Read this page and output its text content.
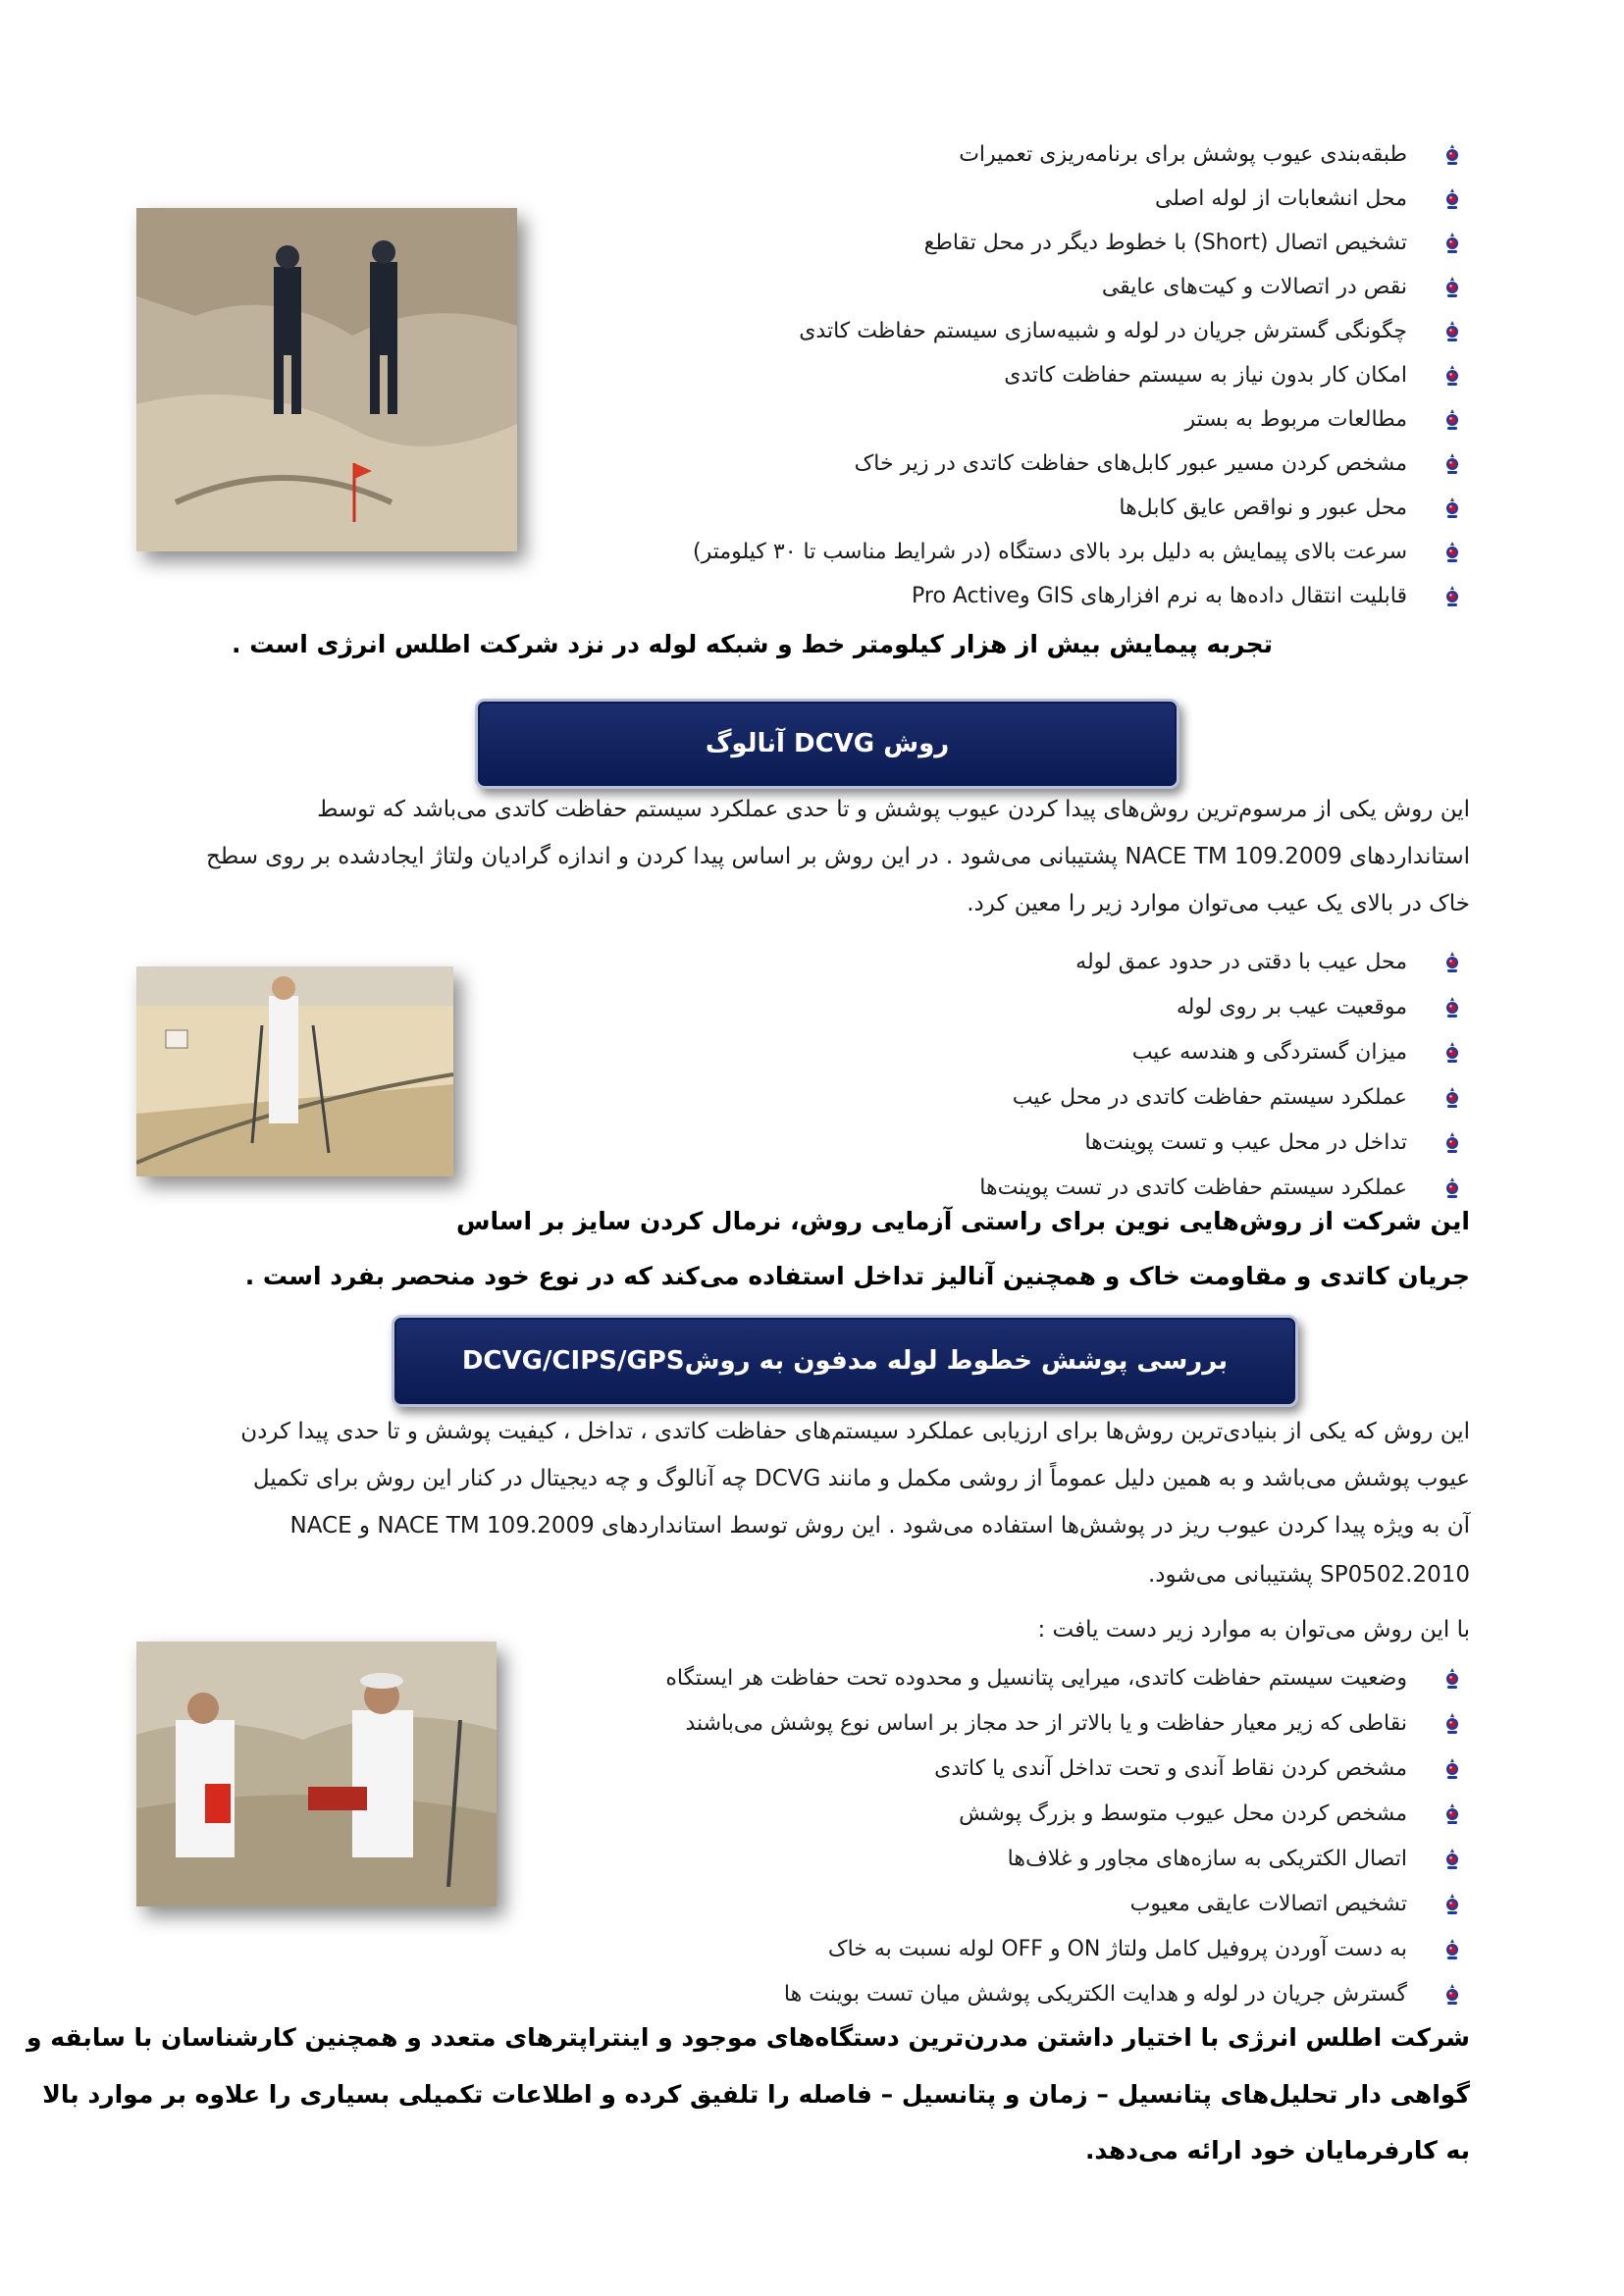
طبقه‌بندی عیوب پوشش برای برنامه‌ریزی تعمیرات
محل انشعابات از لوله اصلی
تشخیص اتصال (Short) با خطوط دیگر در محل تقاطع
نقص در اتصالات و کیت‌های عایقی
چگونگی گسترش جریان در لوله و شبیه‌سازی سیستم حفاظت کاتدی
امکان کار بدون نیاز به سیستم حفاظت کاتدی
مطالعات مربوط به بستر
مشخص کردن مسیر عبور کابل‌های حفاظت کاتدی در زیر خاک
محل عبور و نواقص عایق کابل‌ها
سرعت بالای پیمایش به دلیل برد بالای دستگاه (در شرایط مناسب تا ۳۰ کیلومتر)
قابلیت انتقال داده‌ها به نرم افزارهای GIS وPro Active
تجربه پیمایش بیش از هزار کیلومتر خط و شبکه لوله در نزد شرکت اطلس انرژی است .
روش DCVG آنالوگ
این روش یکی از مرسوم‌ترین روش‌های پیدا کردن عیوب پوشش و تا حدی عملکرد سیستم حفاظت کاتدی می‌باشد که توسط
استانداردهای NACE TM 109.2009 پشتیبانی می‌شود . در این روش بر اساس پیدا کردن و اندازه گرادیان ولتاژ ایجادشده بر روی سطح
خاک در بالای یک عیب می‌توان موارد زیر را معین کرد.
محل عیب با دقتی در حدود عمق لوله
موقعیت عیب بر روی لوله
میزان گستردگی و هندسه عیب
عملکرد سیستم حفاظت کاتدی در محل عیب
تداخل در محل عیب و تست پوینت‌ها
عملکرد سیستم حفاظت کاتدی در تست پوینت‌ها
این شرکت از روش‌هایی نوین برای راستی آزمایی روش، نرمال کردن سایز بر اساس
جریان کاتدی و مقاومت خاک و همچنین آنالیز تداخل استفاده می‌کند که در نوع خود منحصر بفرد است .
بررسی پوشش خطوط لوله مدفون به روشDCVG/CIPS/GPS
این روش که یکی از بنیادی‌ترین روش‌ها برای ارزیابی عملکرد سیستم‌های حفاظت کاتدی ، تداخل ، کیفیت پوشش و تا حدی پیدا کردن
عیوب پوشش می‌باشد و به همین دلیل عموماً از روشی مکمل و مانند DCVG چه آنالوگ و چه دیجیتال در کنار این روش برای تکمیل
آن به ویژه پیدا کردن عیوب ریز در پوشش‌ها استفاده می‌شود . این روش توسط استانداردهای NACE TM 109.2009 و NACE
SP0502.2010 پشتیبانی می‌شود.
با این روش می‌توان به موارد زیر دست یافت :
وضعیت سیستم حفاظت کاتدی، میرایی پتانسیل و محدوده تحت حفاظت هر ایستگاه
نقاطی که زیر معیار حفاظت و یا بالاتر از حد مجاز بر اساس نوع پوشش می‌باشند
مشخص کردن نقاط آندی و تحت تداخل آندی یا کاتدی
مشخص کردن محل عیوب متوسط و بزرگ پوشش
اتصال الکتریکی به سازه‌های مجاور و غلاف‌ها
تشخیص اتصالات عایقی معیوب
به دست آوردن پروفیل کامل ولتاژ ON و OFF لوله نسبت به خاک
گسترش جریان در لوله و هدایت الکتریکی پوشش میان تست بوینت ها
شرکت اطلس انرژی با اختیار داشتن مدرن‌ترین دستگاه‌های موجود و اینتراپترهای متعدد و همچنین کارشناسان با سابقه و
گواهی دار تحلیل‌های پتانسیل – زمان و پتانسیل – فاصله را تلفیق کرده و اطلاعات تکمیلی بسیاری را علاوه بر موارد بالا
به کارفرمایان خود ارائه می‌دهد.
